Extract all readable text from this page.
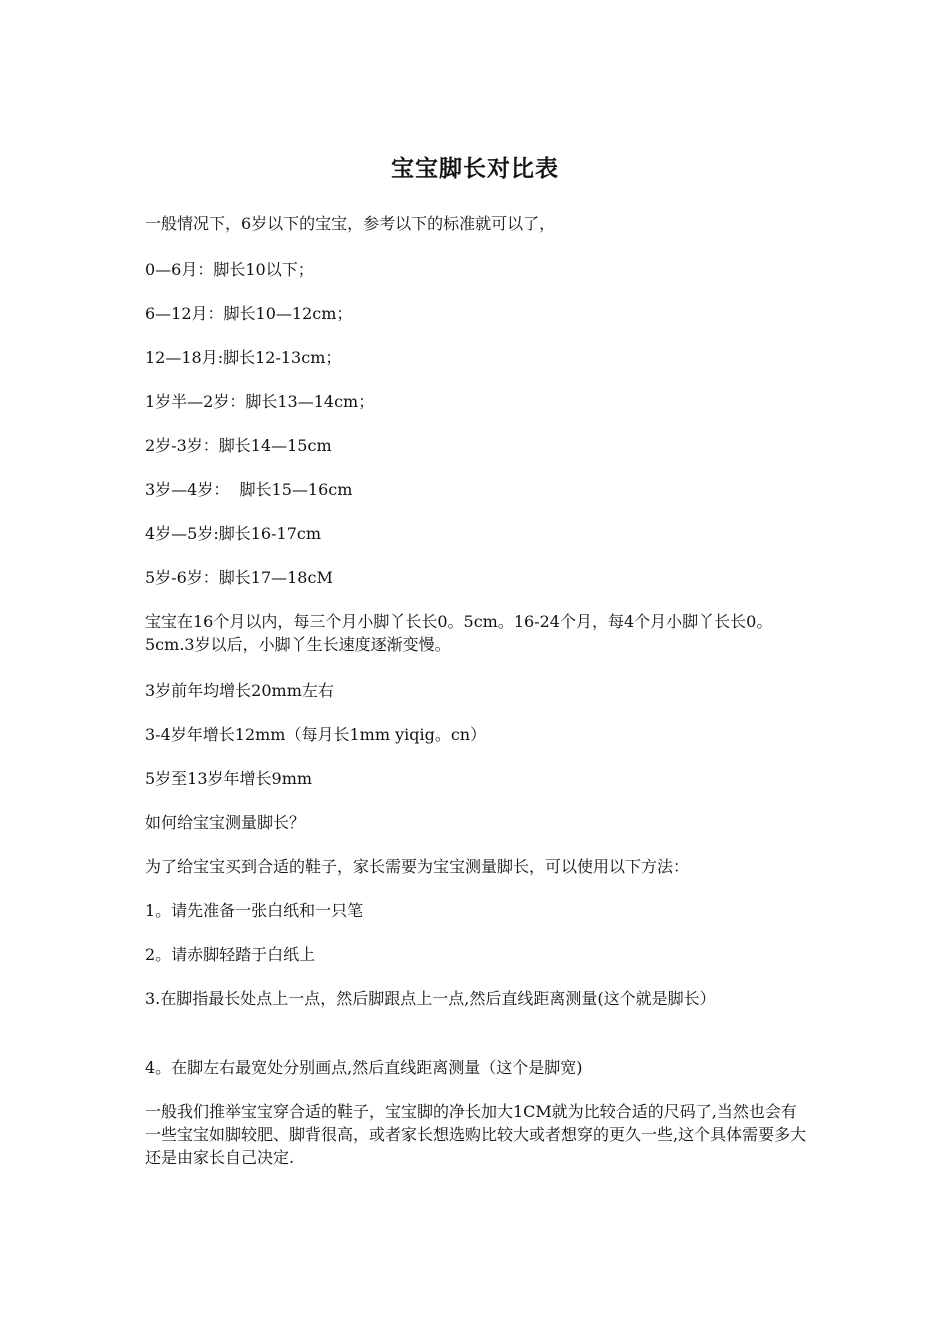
宝宝脚长对比表
一般情况下，6岁以下的宝宝，参考以下的标准就可以了，
0—6月：脚长10以下；
6—12月：脚长10—12cm；
12—18月:脚长12-13cm；
1岁半—2岁：脚长13—14cm；
2岁-3岁：脚长14—15cm
3岁—4岁：  脚长15—16cm
4岁—5岁:脚长16-17cm
5岁-6岁：脚长17—18cM
宝宝在16个月以内，每三个月小脚丫长长0。5cm。16-24个月，每4个月小脚丫长长0。5cm.3岁以后，小脚丫生长速度逐渐变慢。
3岁前年均增长20mm左右
3-4岁年增长12mm（每月长1mm yiqig。cn）
5岁至13岁年增长9mm
如何给宝宝测量脚长？
为了给宝宝买到合适的鞋子，家长需要为宝宝测量脚长，可以使用以下方法：
1。请先准备一张白纸和一只笔
2。请赤脚轻踏于白纸上
3.在脚指最长处点上一点，然后脚跟点上一点,然后直线距离测量(这个就是脚长）
4。在脚左右最宽处分别画点,然后直线距离测量（这个是脚宽)
一般我们推举宝宝穿合适的鞋子，宝宝脚的净长加大1CM就为比较合适的尺码了,当然也会有一些宝宝如脚较肥、脚背很高，或者家长想选购比较大或者想穿的更久一些,这个具体需要多大还是由家长自己决定.
